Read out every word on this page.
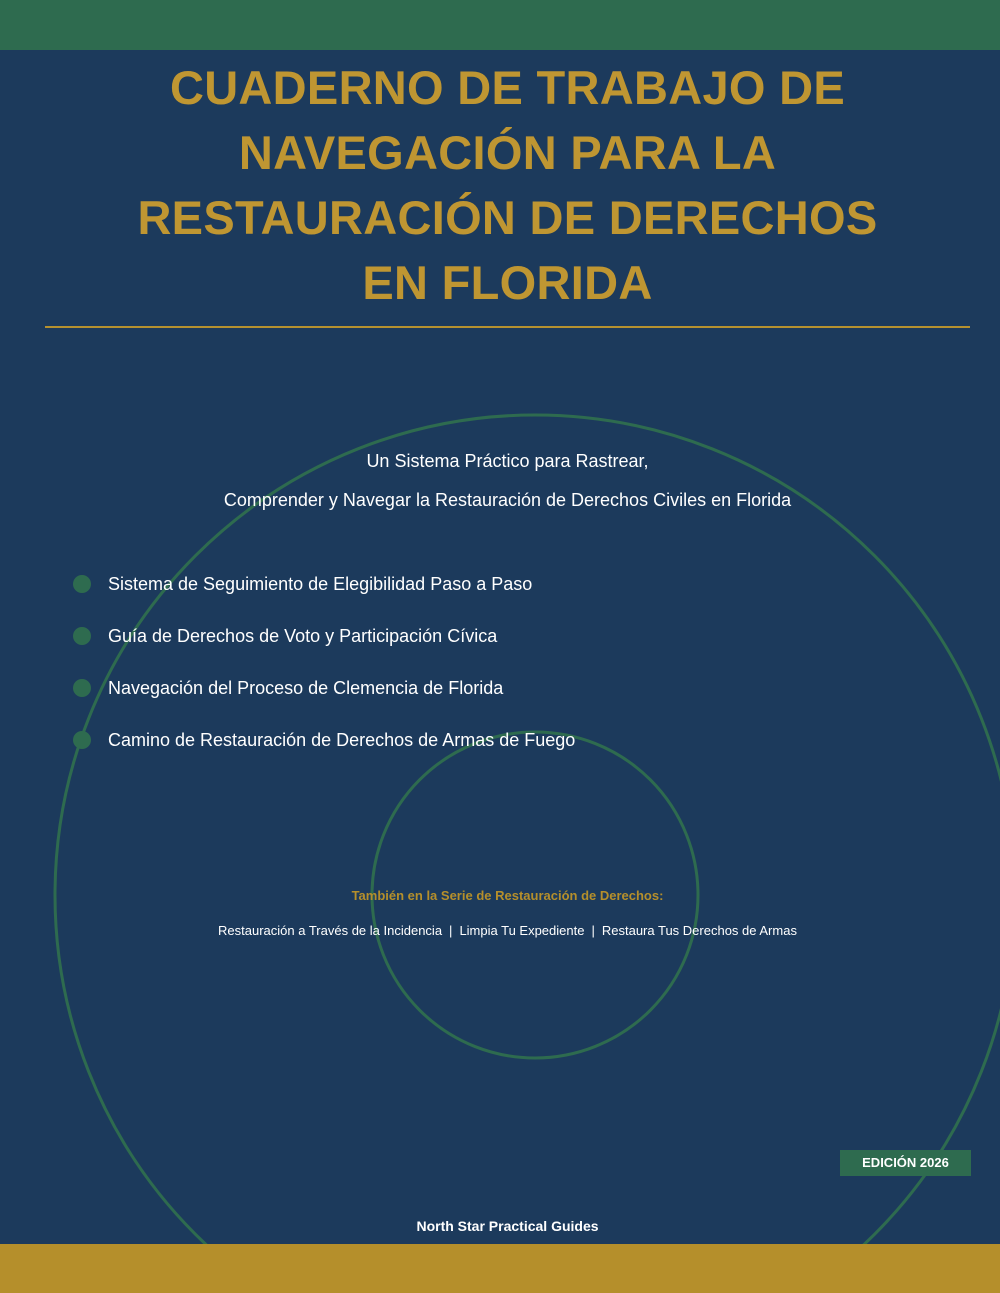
CUADERNO DE TRABAJO DE
NAVEGACIÓN PARA LA
RESTAURACIÓN DE DERECHOS
EN FLORIDA
Un Sistema Práctico para Rastrear,
Comprender y Navegar la Restauración de Derechos Civiles en Florida
Sistema de Seguimiento de Elegibilidad Paso a Paso
Guía de Derechos de Voto y Participación Cívica
Navegación del Proceso de Clemencia de Florida
Camino de Restauración de Derechos de Armas de Fuego
También en la Serie de Restauración de Derechos:
Restauración a Través de la Incidencia | Limpia Tu Expediente | Restaura Tus Derechos de Armas
EDICIÓN 2026
North Star Practical Guides
